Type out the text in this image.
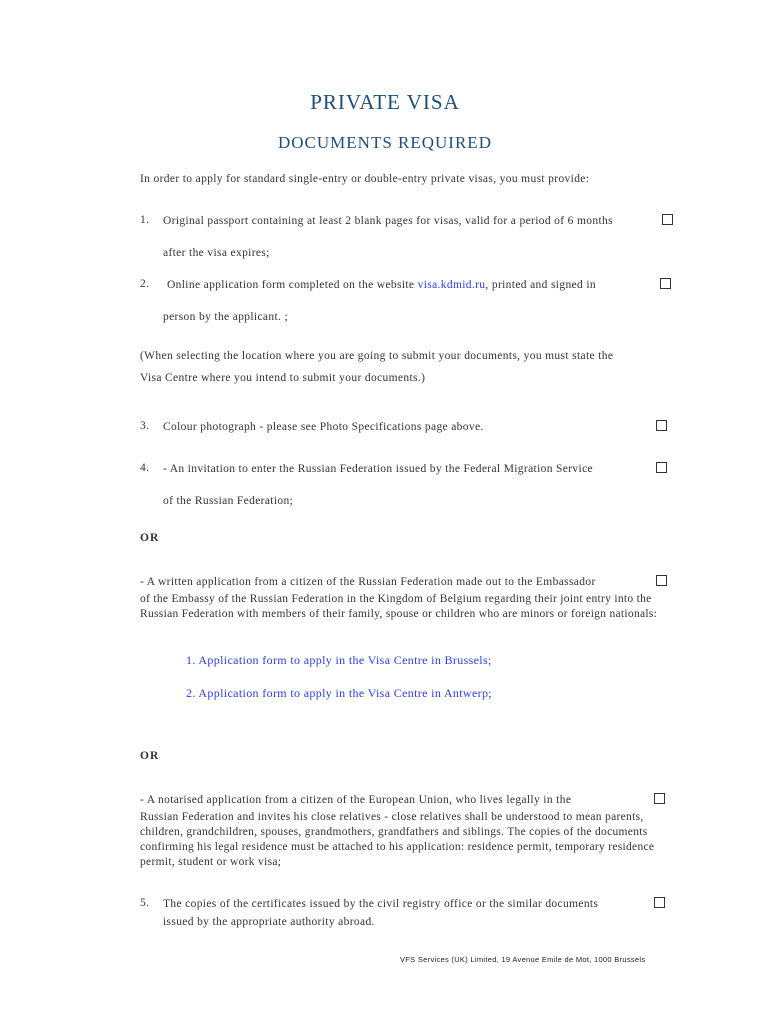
PRIVATE VISA
DOCUMENTS REQUIRED
In order to apply for standard single-entry or double-entry private visas, you must provide:
1. Original passport containing at least 2 blank pages for visas, valid for a period of 6 months
after the visa expires;
2. Online application form completed on the website visa.kdmid.ru, printed and signed in
person by the applicant. ;
(When selecting the location where you are going to submit your documents, you must state the
Visa Centre where you intend to submit your documents.)
3. Colour photograph - please see Photo Specifications page above.
4. - An invitation to enter the Russian Federation issued by the Federal Migration Service
of the Russian Federation;
OR
- A written application from a citizen of the Russian Federation made out to the Embassador
of the Embassy of the Russian Federation in the Kingdom of Belgium regarding their joint entry into the Russian Federation with members of their family, spouse or children who are minors or foreign nationals:
1. Application form to apply in the Visa Centre in Brussels;
2. Application form to apply in the Visa Centre in Antwerp;
OR
- A notarised application from a citizen of the European Union, who lives legally in the
Russian Federation and invites his close relatives - close relatives shall be understood to mean parents, children, grandchildren, spouses, grandmothers, grandfathers and siblings. The copies of the documents confirming his legal residence must be attached to his application: residence permit, temporary residence permit, student or work visa;
5. The copies of the certificates issued by the civil registry office or the similar documents
issued by the appropriate authority abroad.
VFS Services (UK) Limited, 19 Avenue Emile de Mot, 1000 Brussels
